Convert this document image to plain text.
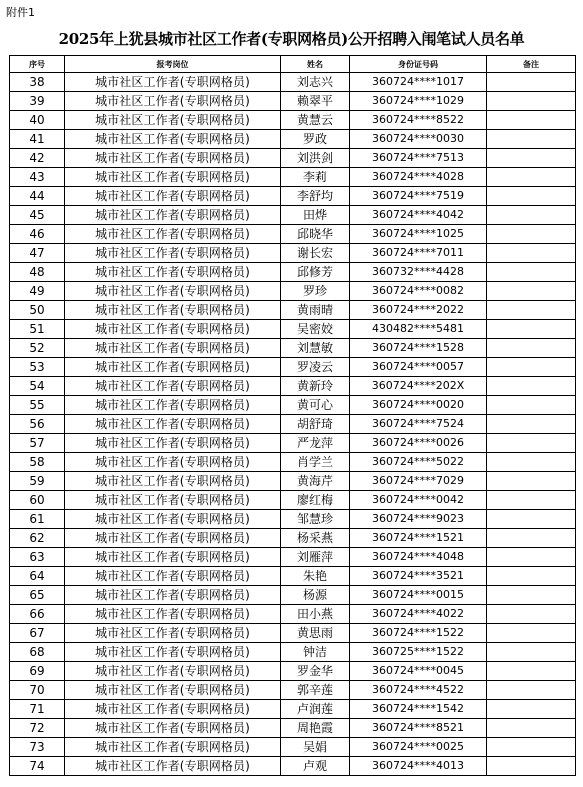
附件1
2025年上犹县城市社区工作者(专职网格员)公开招聘入闱笔试人员名单
序号	报考岗位	姓名	身份证号码	备注
38	城市社区工作者(专职网格员)	刘志兴	360724****1017	
39	城市社区工作者(专职网格员)	赖翠平	360724****1029	
40	城市社区工作者(专职网格员)	黄慧云	360724****8522	
41	城市社区工作者(专职网格员)	罗政	360724****0030	
42	城市社区工作者(专职网格员)	刘洪剑	360724****7513	
43	城市社区工作者(专职网格员)	李莉	360724****4028	
44	城市社区工作者(专职网格员)	李舒均	360724****7519	
45	城市社区工作者(专职网格员)	田烨	360724****4042	
46	城市社区工作者(专职网格员)	邱晓华	360724****1025	
47	城市社区工作者(专职网格员)	谢长宏	360724****7011	
48	城市社区工作者(专职网格员)	邱修芳	360732****4428	
49	城市社区工作者(专职网格员)	罗珍	360724****0082	
50	城市社区工作者(专职网格员)	黄雨晴	360724****2022	
51	城市社区工作者(专职网格员)	吴密姣	430482****5481	
52	城市社区工作者(专职网格员)	刘慧敏	360724****1528	
53	城市社区工作者(专职网格员)	罗凌云	360724****0057	
54	城市社区工作者(专职网格员)	黄新玲	360724****202X	
55	城市社区工作者(专职网格员)	黄可心	360724****0020	
56	城市社区工作者(专职网格员)	胡舒琦	360724****7524	
57	城市社区工作者(专职网格员)	严龙萍	360724****0026	
58	城市社区工作者(专职网格员)	肖学兰	360724****5022	
59	城市社区工作者(专职网格员)	黄海芹	360724****7029	
60	城市社区工作者(专职网格员)	廖红梅	360724****0042	
61	城市社区工作者(专职网格员)	邹慧珍	360724****9023	
62	城市社区工作者(专职网格员)	杨采燕	360724****1521	
63	城市社区工作者(专职网格员)	刘雁萍	360724****4048	
64	城市社区工作者(专职网格员)	朱艳	360724****3521	
65	城市社区工作者(专职网格员)	杨源	360724****0015	
66	城市社区工作者(专职网格员)	田小燕	360724****4022	
67	城市社区工作者(专职网格员)	黄思雨	360724****1522	
68	城市社区工作者(专职网格员)	钟洁	360725****1522	
69	城市社区工作者(专职网格员)	罗金华	360724****0045	
70	城市社区工作者(专职网格员)	郭辛莲	360724****4522	
71	城市社区工作者(专职网格员)	卢润莲	360724****1542	
72	城市社区工作者(专职网格员)	周艳霞	360724****8521	
73	城市社区工作者(专职网格员)	吴娟	360724****0025	
74	城市社区工作者(专职网格员)	卢观	360724****4013	
